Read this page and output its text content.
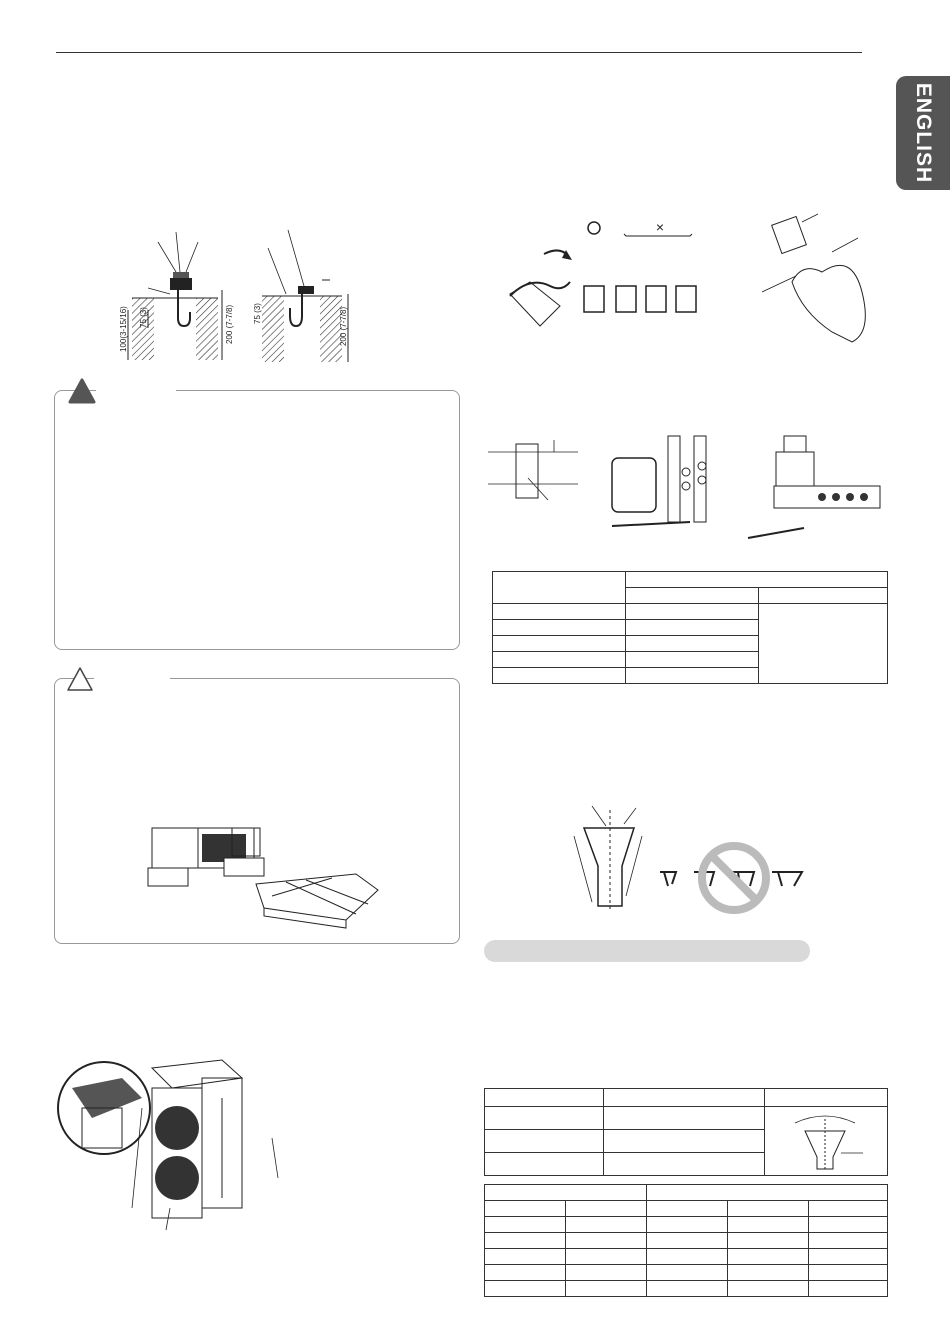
ENGLISH
100(3-15/16) 75 (3)	200 (7-7/8) 75 (3)	200 (7-7/8)
×
